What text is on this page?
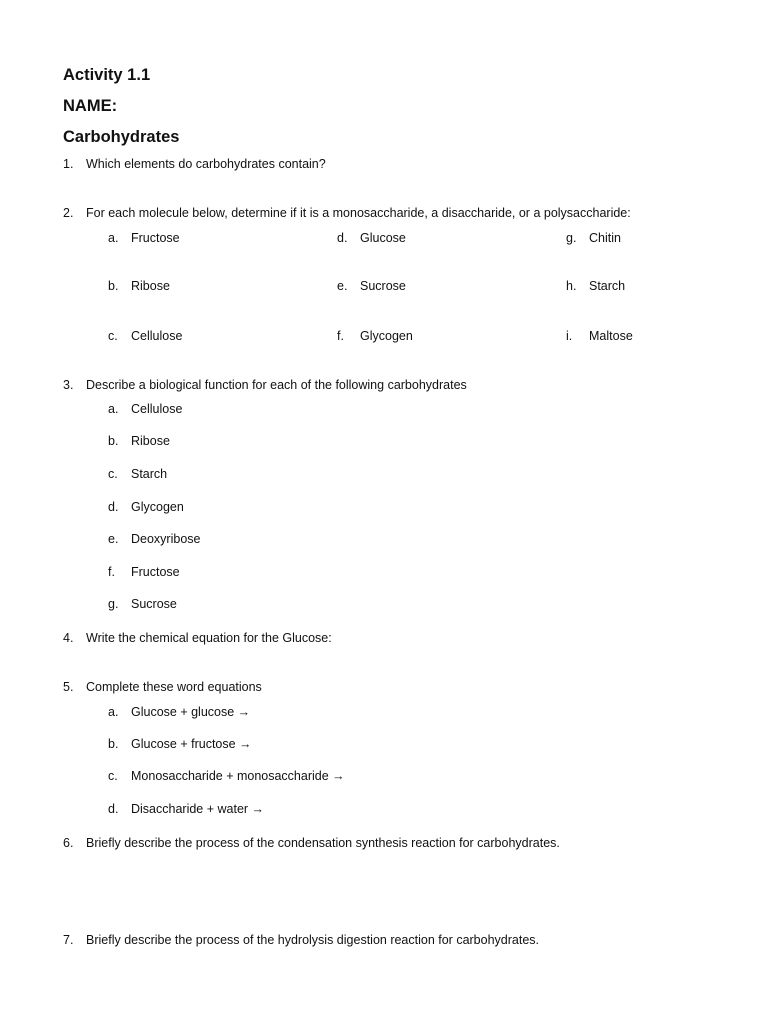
Activity 1.1
NAME:
Carbohydrates
1. Which elements do carbohydrates contain?
2. For each molecule below, determine if it is a monosaccharide, a disaccharide, or a polysaccharide:
a. Fructose
b. Ribose
c. Cellulose
d. Glucose
e. Sucrose
f. Glycogen
g. Chitin
h. Starch
i. Maltose
3. Describe a biological function for each of the following carbohydrates
a. Cellulose
b. Ribose
c. Starch
d. Glycogen
e. Deoxyribose
f. Fructose
g. Sucrose
4. Write the chemical equation for the Glucose:
5. Complete these word equations
a. Glucose + glucose →
b. Glucose + fructose →
c. Monosaccharide + monosaccharide →
d. Disaccharide + water →
6. Briefly describe the process of the condensation synthesis reaction for carbohydrates.
7. Briefly describe the process of the hydrolysis digestion reaction for carbohydrates.
